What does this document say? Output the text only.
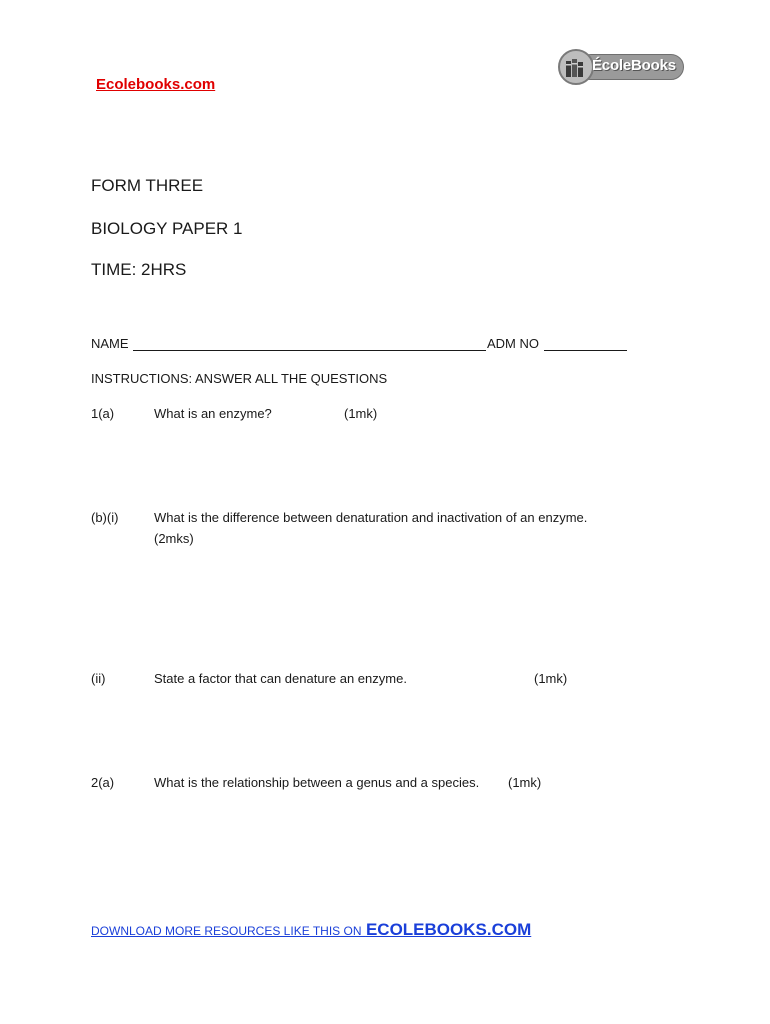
Ecolebooks.com
ÉcoleBooks
FORM THREE
BIOLOGY PAPER 1
TIME: 2HRS
NAME	ADM NO
INSTRUCTIONS: ANSWER ALL THE QUESTIONS
1(a)	What is an enzyme?	(1mk)
(b)(i)	What is the difference between denaturation and inactivation of an enzyme.
(2mks)
(ii)	State a factor that can denature an enzyme.	(1mk)
2(a)	What is the relationship between a genus and a species. (1mk)
DOWNLOAD MORE RESOURCES LIKE THIS ON ECOLEBOOKS.COM
